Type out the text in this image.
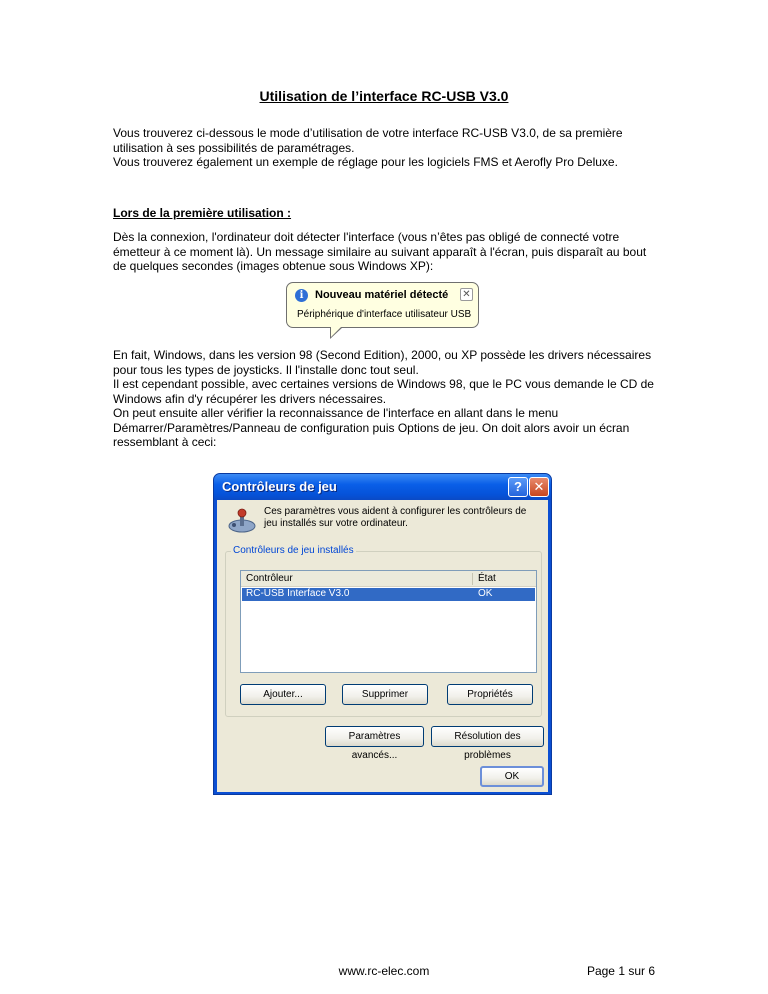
Utilisation de l’interface RC-USB V3.0
Vous trouverez ci-dessous le mode d’utilisation de votre interface RC-USB V3.0, de sa première
utilisation à ses possibilités de paramétrages.
Vous trouverez également un exemple de réglage pour les logiciels FMS et Aerofly Pro Deluxe.
Lors de la première utilisation :
Dès la connexion, l'ordinateur doit détecter l'interface (vous n’êtes pas obligé de connecté votre
émetteur à ce moment là). Un message similaire au suivant apparaît à l'écran, puis disparaît au bout
de quelques secondes (images obtenue sous Windows XP):
i	Nouveau matériel détecté ✕
Périphérique d'interface utilisateur USB
En fait, Windows, dans les version 98 (Second Edition), 2000, ou XP possède les drivers nécessaires
pour tous les types de joysticks. Il l'installe donc tout seul.
Il est cependant possible, avec certaines versions de Windows 98, que le PC vous demande le CD de
Windows afin d'y récupérer les drivers nécessaires.
On peut ensuite aller vérifier la reconnaissance de l'interface en allant dans le menu
Démarrer/Paramètres/Panneau de configuration puis Options de jeu. On doit alors avoir un écran
ressemblant à ceci:
Contrôleurs de jeu	? ✕
Ces paramètres vous aident à configurer les contrôleurs de jeu installés sur votre ordinateur.
Contrôleurs de jeu installés
Contrôleur	État
RC-USB Interface V3.0	OK
Ajouter...	Supprimer	Propriétés
Paramètres avancés...
Résolution des problèmes
OK
www.rc-elec.com	Page 1 sur 6
